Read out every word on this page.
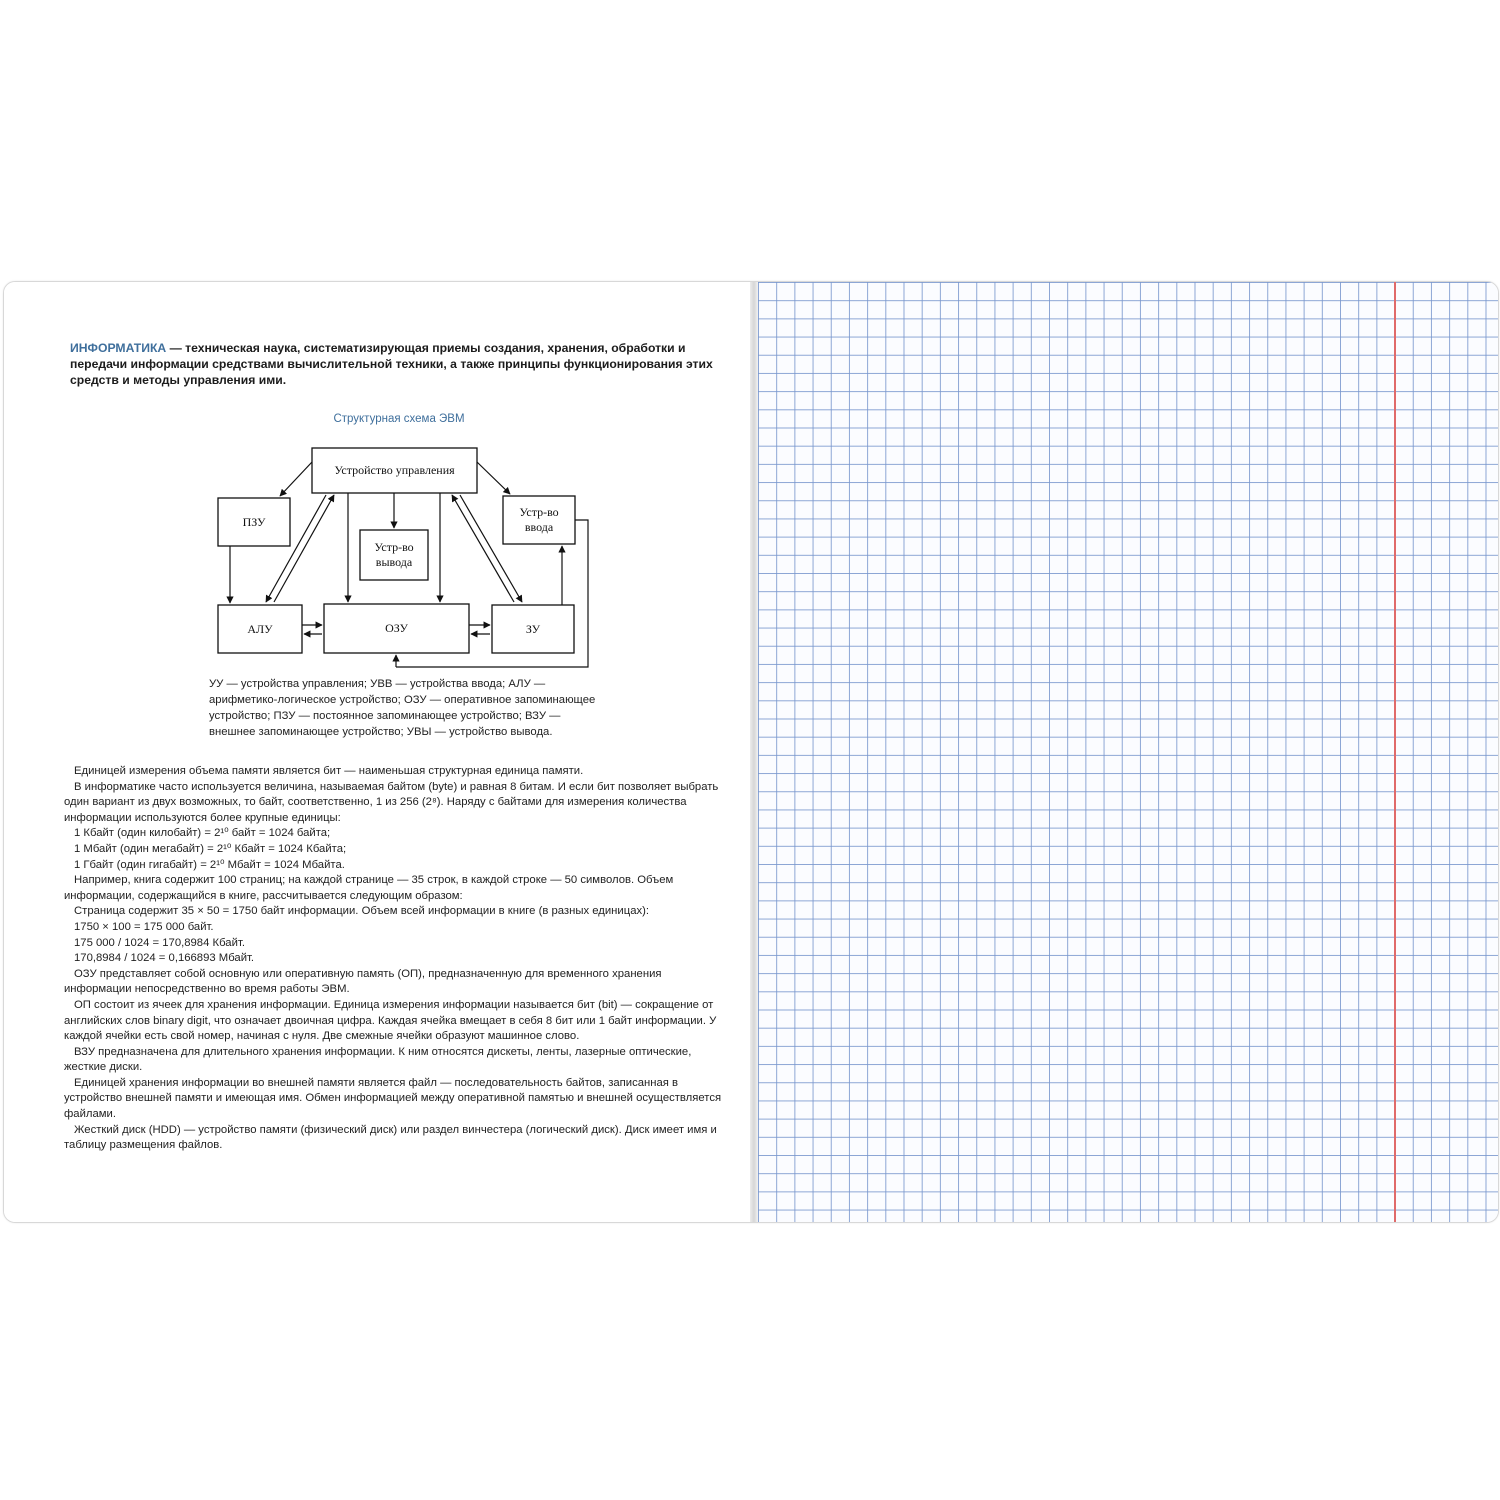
ИНФОРМАТИКА — техническая наука, систематизирующая приемы создания, хранения, обработки и передачи информации средствами вычислительной техники, а также принципы функционирования этих средств и методы управления ими.

Структурная схема ЭВМ

Устройство управления
ПЗУ
Устр-во ввода
Устр-во вывода
АЛУ	ОЗУ	ЗУ

УУ — устройства управления; УВВ — устройства ввода; АЛУ — арифметико-логическое устройство; ОЗУ — оперативное запоминающее устройство; ПЗУ — постоянное запоминающее устройство; ВЗУ — внешнее запоминающее устройство; УВЫ — устройство вывода.

Единицей измерения объема памяти является бит — наименьшая структурная единица памяти.

В информатике часто используется величина, называемая байтом (byte) и равная 8 битам. И если бит позволяет выбрать один вариант из двух возможных, то байт, соответственно, 1 из 256 (2⁸). Наряду с байтами для измерения количества информации используются более крупные единицы:

1 Кбайт (один килобайт) = 2¹⁰ байт = 1024 байта;

1 Мбайт (один мегабайт) = 2¹⁰ Кбайт = 1024 Кбайта;

1 Гбайт (один гигабайт) = 2¹⁰ Мбайт = 1024 Мбайта.

Например, книга содержит 100 страниц; на каждой странице — 35 строк, в каждой строке — 50 символов. Объем информации, содержащийся в книге, рассчитывается следующим образом:

Страница содержит 35 × 50 = 1750 байт информации. Объем всей информации в книге (в разных единицах):

1750 × 100 = 175 000 байт.

175 000 / 1024 = 170,8984 Кбайт.

170,8984 / 1024 = 0,166893 Мбайт.

ОЗУ представляет собой основную или оперативную память (ОП), предназначенную для временного хранения информации непосредственно во время работы ЭВМ.

ОП состоит из ячеек для хранения информации. Единица измерения информации называется бит (bit) — сокращение от английских слов binary digit, что означает двоичная цифра. Каждая ячейка вмещает в себя 8 бит или 1 байт информации. У каждой ячейки есть свой номер, начиная с нуля. Две смежные ячейки образуют машинное слово.

ВЗУ предназначена для длительного хранения информации. К ним относятся дискеты, ленты, лазерные оптические, жесткие диски.

Единицей хранения информации во внешней памяти является файл — последовательность байтов, записанная в устройство внешней памяти и имеющая имя. Обмен информацией между оперативной памятью и внешней осуществляется файлами.

Жесткий диск (HDD) — устройство памяти (физический диск) или раздел винчестера (логический диск). Диск имеет имя и таблицу размещения файлов.
